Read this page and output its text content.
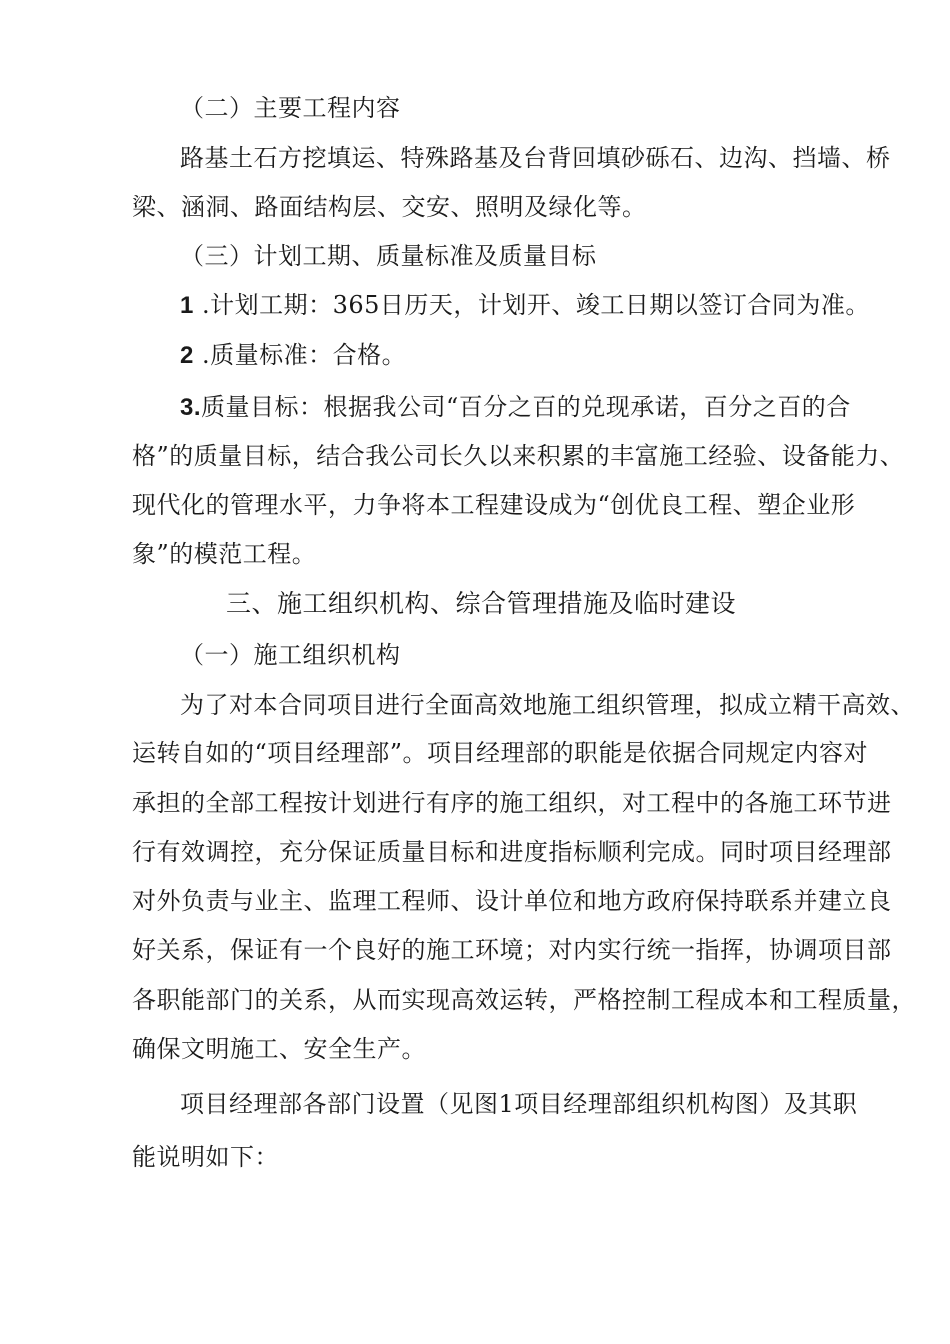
（二）主要工程内容
路基土石方挖填运、特殊路基及台背回填砂砾石、边沟、挡墙、桥
梁、涵洞、路面结构层、交安、照明及绿化等。
（三）计划工期、质量标准及质量目标
1 .计划工期：365日历天，计划开、竣工日期以签订合同为准。
2 .质量标准：合格。
3.质量目标：根据我公司“百分之百的兑现承诺，百分之百的合
格”的质量目标，结合我公司长久以来积累的丰富施工经验、设备能力、
现代化的管理水平，力争将本工程建设成为“创优良工程、塑企业形
象”的模范工程。
三、施工组织机构、综合管理措施及临时建设
（一）施工组织机构
为了对本合同项目进行全面高效地施工组织管理，拟成立精干高效、
运转自如的“项目经理部”。项目经理部的职能是依据合同规定内容对
承担的全部工程按计划进行有序的施工组织，对工程中的各施工环节进
行有效调控，充分保证质量目标和进度指标顺利完成。同时项目经理部
对外负责与业主、监理工程师、设计单位和地方政府保持联系并建立良
好关系，保证有一个良好的施工环境；对内实行统一指挥，协调项目部
各职能部门的关系，从而实现高效运转，严格控制工程成本和工程质量，
确保文明施工、安全生产。
项目经理部各部门设置（见图1项目经理部组织机构图）及其职
能说明如下：
